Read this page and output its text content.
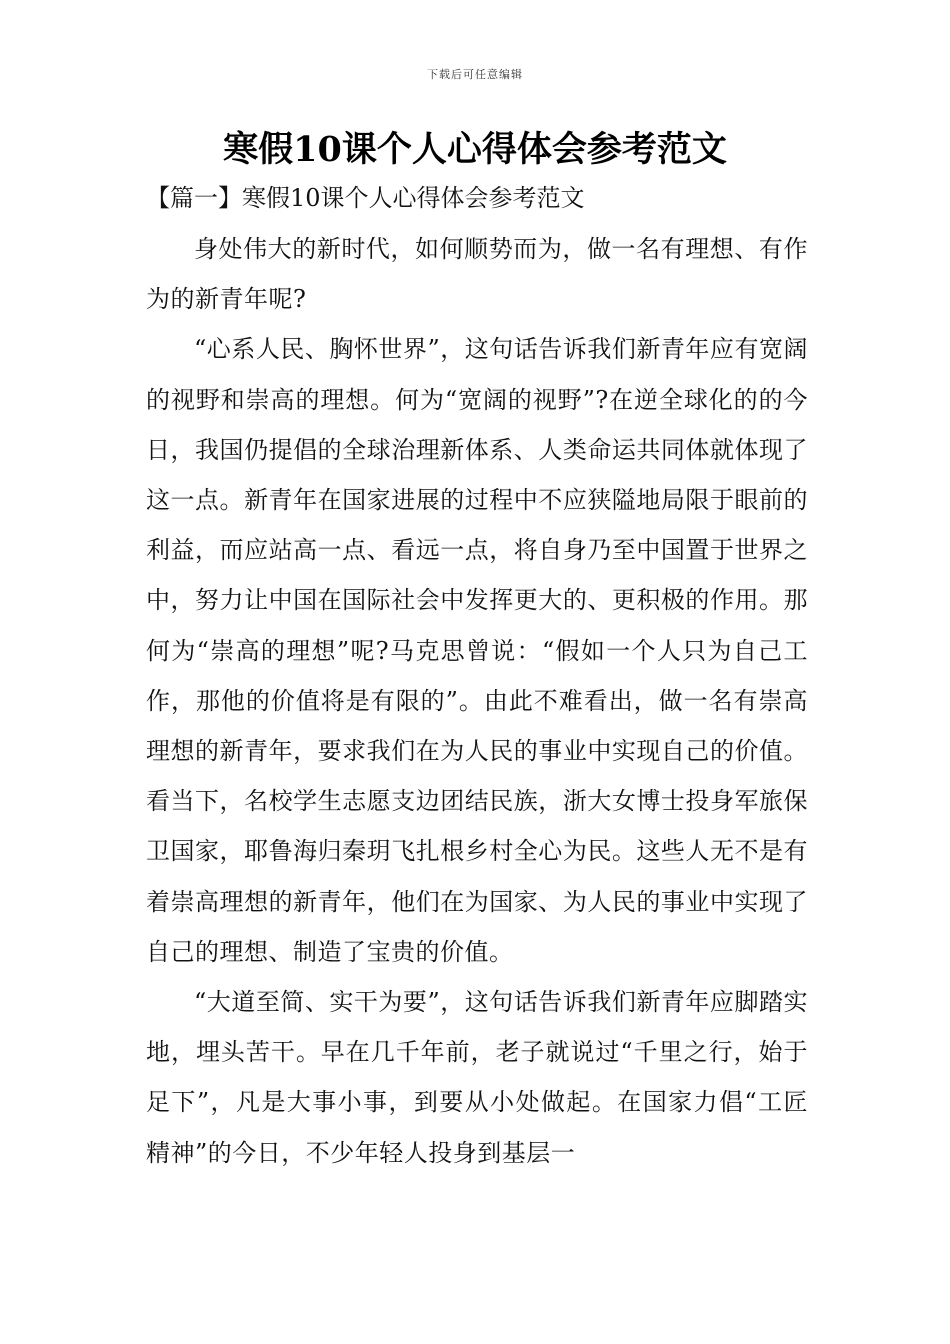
下载后可任意编辑
寒假10课个人心得体会参考范文
【篇一】寒假10课个人心得体会参考范文

身处伟大的新时代，如何顺势而为，做一名有理想、有作为的新青年呢?

“心系人民、胸怀世界”，这句话告诉我们新青年应有宽阔的视野和崇高的理想。何为“宽阔的视野”?在逆全球化的的今日，我国仍提倡的全球治理新体系、人类命运共同体就体现了这一点。新青年在国家进展的过程中不应狭隘地局限于眼前的利益，而应站高一点、看远一点，将自身乃至中国置于世界之中，努力让中国在国际社会中发挥更大的、更积极的作用。那何为“崇高的理想”呢?马克思曾说：“假如一个人只为自己工作，那他的价值将是有限的”。由此不难看出，做一名有崇高理想的新青年，要求我们在为人民的事业中实现自己的价值。看当下，名校学生志愿支边团结民族，浙大女博士投身军旅保卫国家，耶鲁海归秦玥飞扎根乡村全心为民。这些人无不是有着崇高理想的新青年，他们在为国家、为人民的事业中实现了自己的理想、制造了宝贵的价值。

“大道至简、实干为要”，这句话告诉我们新青年应脚踏实地，埋头苦干。早在几千年前，老子就说过“千里之行，始于足下”，凡是大事小事，到要从小处做起。在国家力倡“工匠精神”的今日，不少年轻人投身到基层一
